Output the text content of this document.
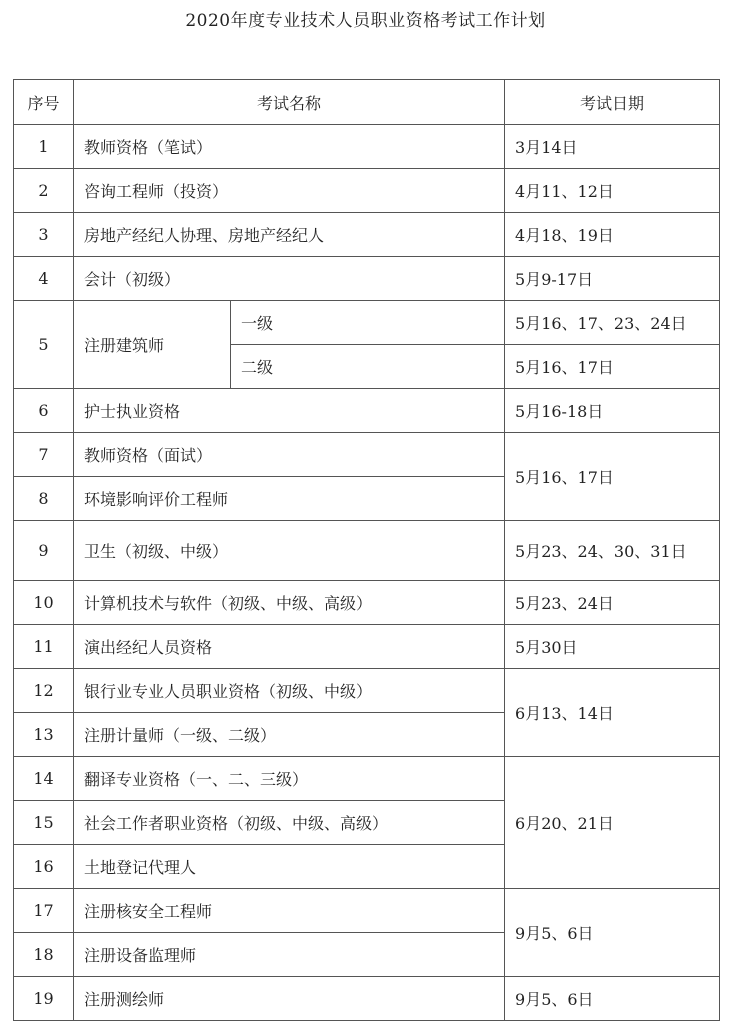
2020年度专业技术人员职业资格考试工作计划
序号	考试名称		考试日期
1	教师资格（笔试）		3月14日
2	咨询工程师（投资）		4月11、12日
3	房地产经纪人协理、房地产经纪人		4月18、19日
4	会计（初级）		5月9-17日
5	注册建筑师	一级	5月16、17、23、24日
		二级	5月16、17日
6	护士执业资格		5月16-18日
7	教师资格（面试）		5月16、17日
8	环境影响评价工程师		
9	卫生（初级、中级）		5月23、24、30、31日
10	计算机技术与软件（初级、中级、高级）		5月23、24日
11	演出经纪人员资格		5月30日
12	银行业专业人员职业资格（初级、中级）		6月13、14日
13	注册计量师（一级、二级）		
14	翻译专业资格（一、二、三级）		6月20、21日
15	社会工作者职业资格（初级、中级、高级）		
16	土地登记代理人		
17	注册核安全工程师		9月5、6日
18	注册设备监理师		
19	注册测绘师		9月5、6日
